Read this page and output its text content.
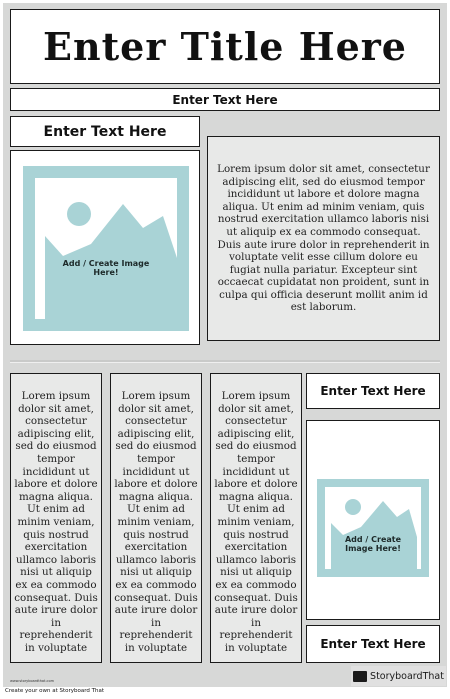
Enter Title Here
Enter Text Here
Enter Text Here
Add / Create Image Here!

Lorem ipsum dolor sit amet, consectetur adipiscing elit, sed do eiusmod tempor incididunt ut labore et dolore magna aliqua. Ut enim ad minim veniam, quis nostrud exercitation ullamco laboris nisi ut aliquip ex ea commodo consequat. Duis aute irure dolor in reprehenderit in voluptate velit esse cillum dolore eu fugiat nulla pariatur. Excepteur sint occaecat cupidatat non proident, sunt in culpa qui officia deserunt mollit anim id est laborum.

Lorem ipsum dolor sit amet, consectetur adipiscing elit, sed do eiusmod tempor incididunt ut labore et dolore magna aliqua. Ut enim ad minim veniam, quis nostrud exercitation ullamco laboris nisi ut aliquip ex ea commodo consequat. Duis aute irure dolor in reprehenderit in voluptate

Lorem ipsum dolor sit amet, consectetur adipiscing elit, sed do eiusmod tempor incididunt ut labore et dolore magna aliqua. Ut enim ad minim veniam, quis nostrud exercitation ullamco laboris nisi ut aliquip ex ea commodo consequat. Duis aute irure dolor in reprehenderit in voluptate

Lorem ipsum dolor sit amet, consectetur adipiscing elit, sed do eiusmod tempor incididunt ut labore et dolore magna aliqua. Ut enim ad minim veniam, quis nostrud exercitation ullamco laboris nisi ut aliquip ex ea commodo consequat. Duis aute irure dolor in reprehenderit in voluptate

Enter Text Here
Add / Create Image Here!
Enter Text Here
www.storyboardthat.com	StoryboardThat
Create your own at Storyboard That
